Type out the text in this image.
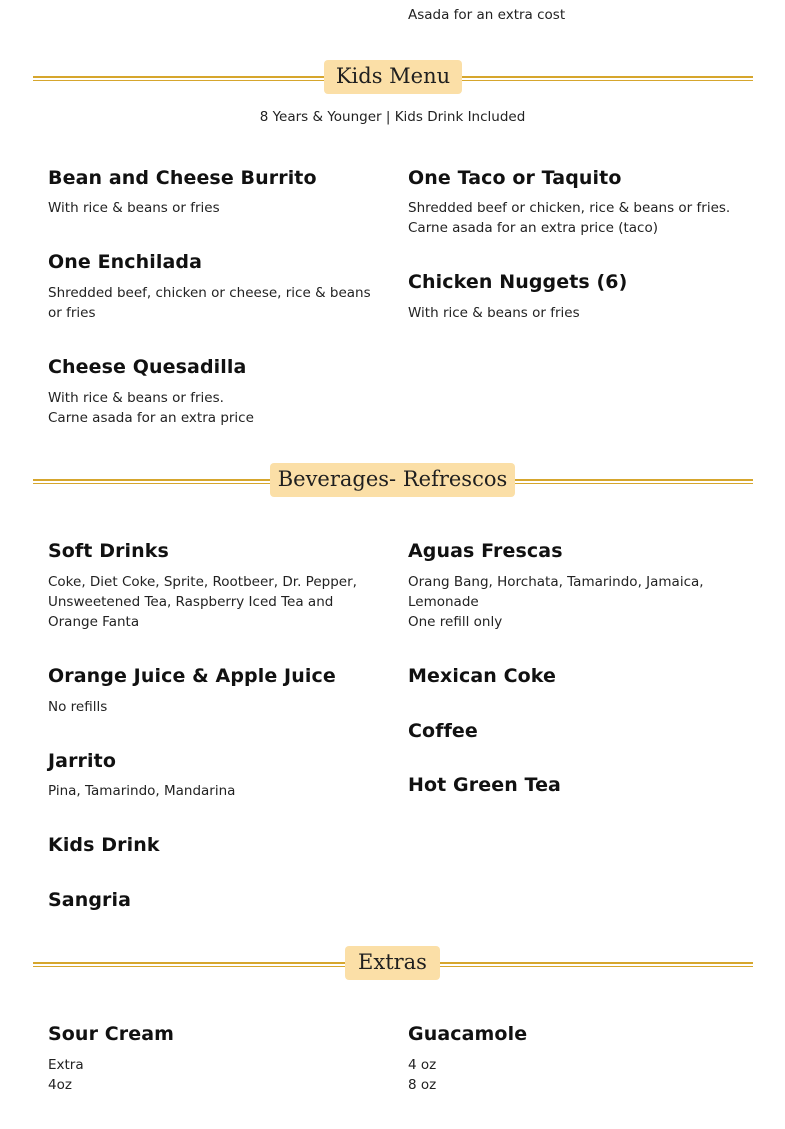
Asada for an extra cost
Kids Menu
8 Years & Younger | Kids Drink Included
Bean and Cheese Burrito
With rice & beans or fries
One Taco or Taquito
Shredded beef or chicken, rice & beans or fries.
Carne asada for an extra price (taco)
One Enchilada
Shredded beef, chicken or cheese, rice & beans
or fries
Chicken Nuggets (6)
With rice & beans or fries
Cheese Quesadilla
With rice & beans or fries.
Carne asada for an extra price
Beverages- Refrescos
Soft Drinks
Coke, Diet Coke, Sprite, Rootbeer, Dr. Pepper,
Unsweetened Tea, Raspberry Iced Tea and
Orange Fanta
Aguas Frescas
Orang Bang, Horchata, Tamarindo, Jamaica,
Lemonade
One refill only
Orange Juice & Apple Juice
No refills
Mexican Coke
Coffee
Jarrito
Pina, Tamarindo, Mandarina	Hot Green Tea
Kids Drink
Sangria
Extras
Sour Cream
Extra
4oz
Guacamole
4 oz
8 oz
